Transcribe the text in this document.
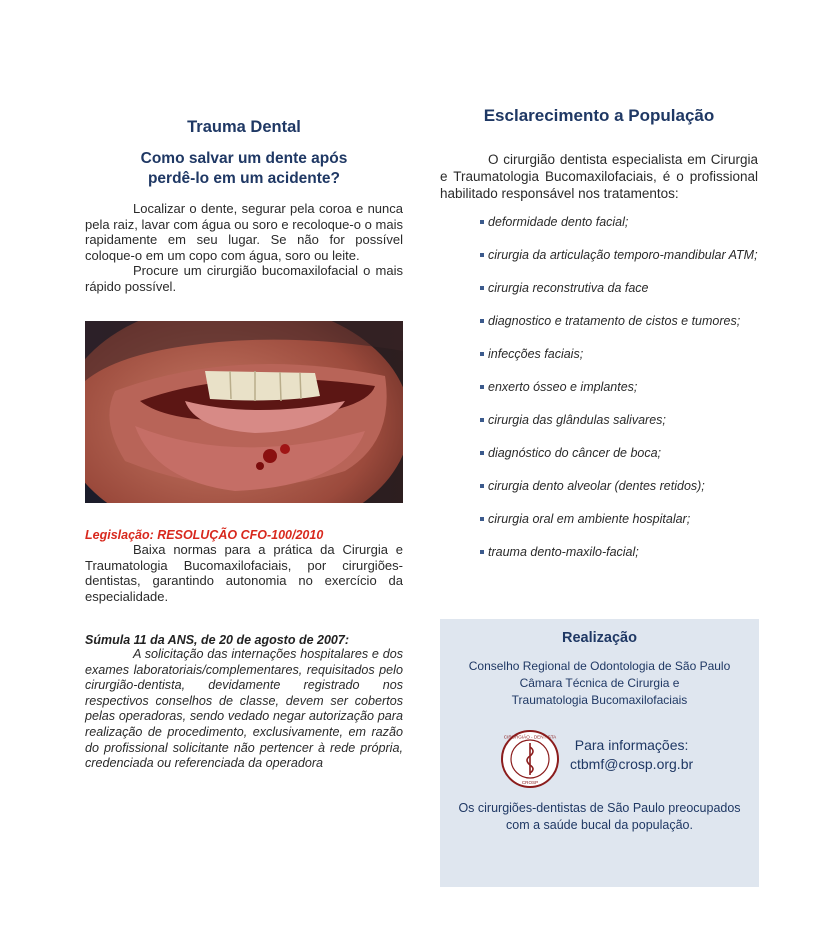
Trauma Dental
Como salvar um dente após
perdê-lo em um acidente?

Localizar o dente, segurar pela coroa e nunca pela raiz, lavar com água ou soro e recoloque-o o mais rapidamente em seu lugar. Se não for possível coloque-o em um copo com água, soro ou leite.

Procure um cirurgião bucomaxilofacial o mais rápido possível.

Legislação: RESOLUÇÃO CFO-100/2010

Baixa normas para a prática da Cirurgia e Traumatologia Bucomaxilofaciais, por cirurgiões-dentistas, garantindo autonomia no exercício da especialidade.

Súmula 11 da ANS, de 20 de agosto de 2007:

A solicitação das internações hospitalares e dos exames laboratoriais/complementares, requisitados pelo cirurgião-dentista, devidamente registrado nos respectivos conselhos de classe, devem ser cobertos pelas operadoras, sendo vedado negar autorização para realização de procedimento, exclusivamente, em razão do profissional solicitante não pertencer à rede própria, credenciada ou referenciada da operadora

Esclarecimento a População

O cirurgião dentista especialista em Cirurgia e Traumatologia Bucomaxilofaciais, é o profissional habilitado responsável nos tratamentos:

deformidade dento facial;
cirurgia da articulação temporo-mandibular ATM;
cirurgia reconstrutiva da face
diagnostico e tratamento de cistos e tumores;
infecções faciais;
enxerto ósseo e implantes;
cirurgia das glândulas salivares;
diagnóstico do câncer de boca;
cirurgia dento alveolar (dentes retidos);
cirurgia oral em ambiente hospitalar;
trauma dento-maxilo-facial;
Realização
Conselho Regional de Odontologia de São Paulo
Câmara Técnica de Cirurgia e
Traumatologia Bucomaxilofaciais
CIRURGIÃO - DENTISTA
CROSP
Para informações:
ctbmf@crosp.org.br
Os cirurgiões-dentistas de São Paulo preocupados
com a saúde bucal da população.
